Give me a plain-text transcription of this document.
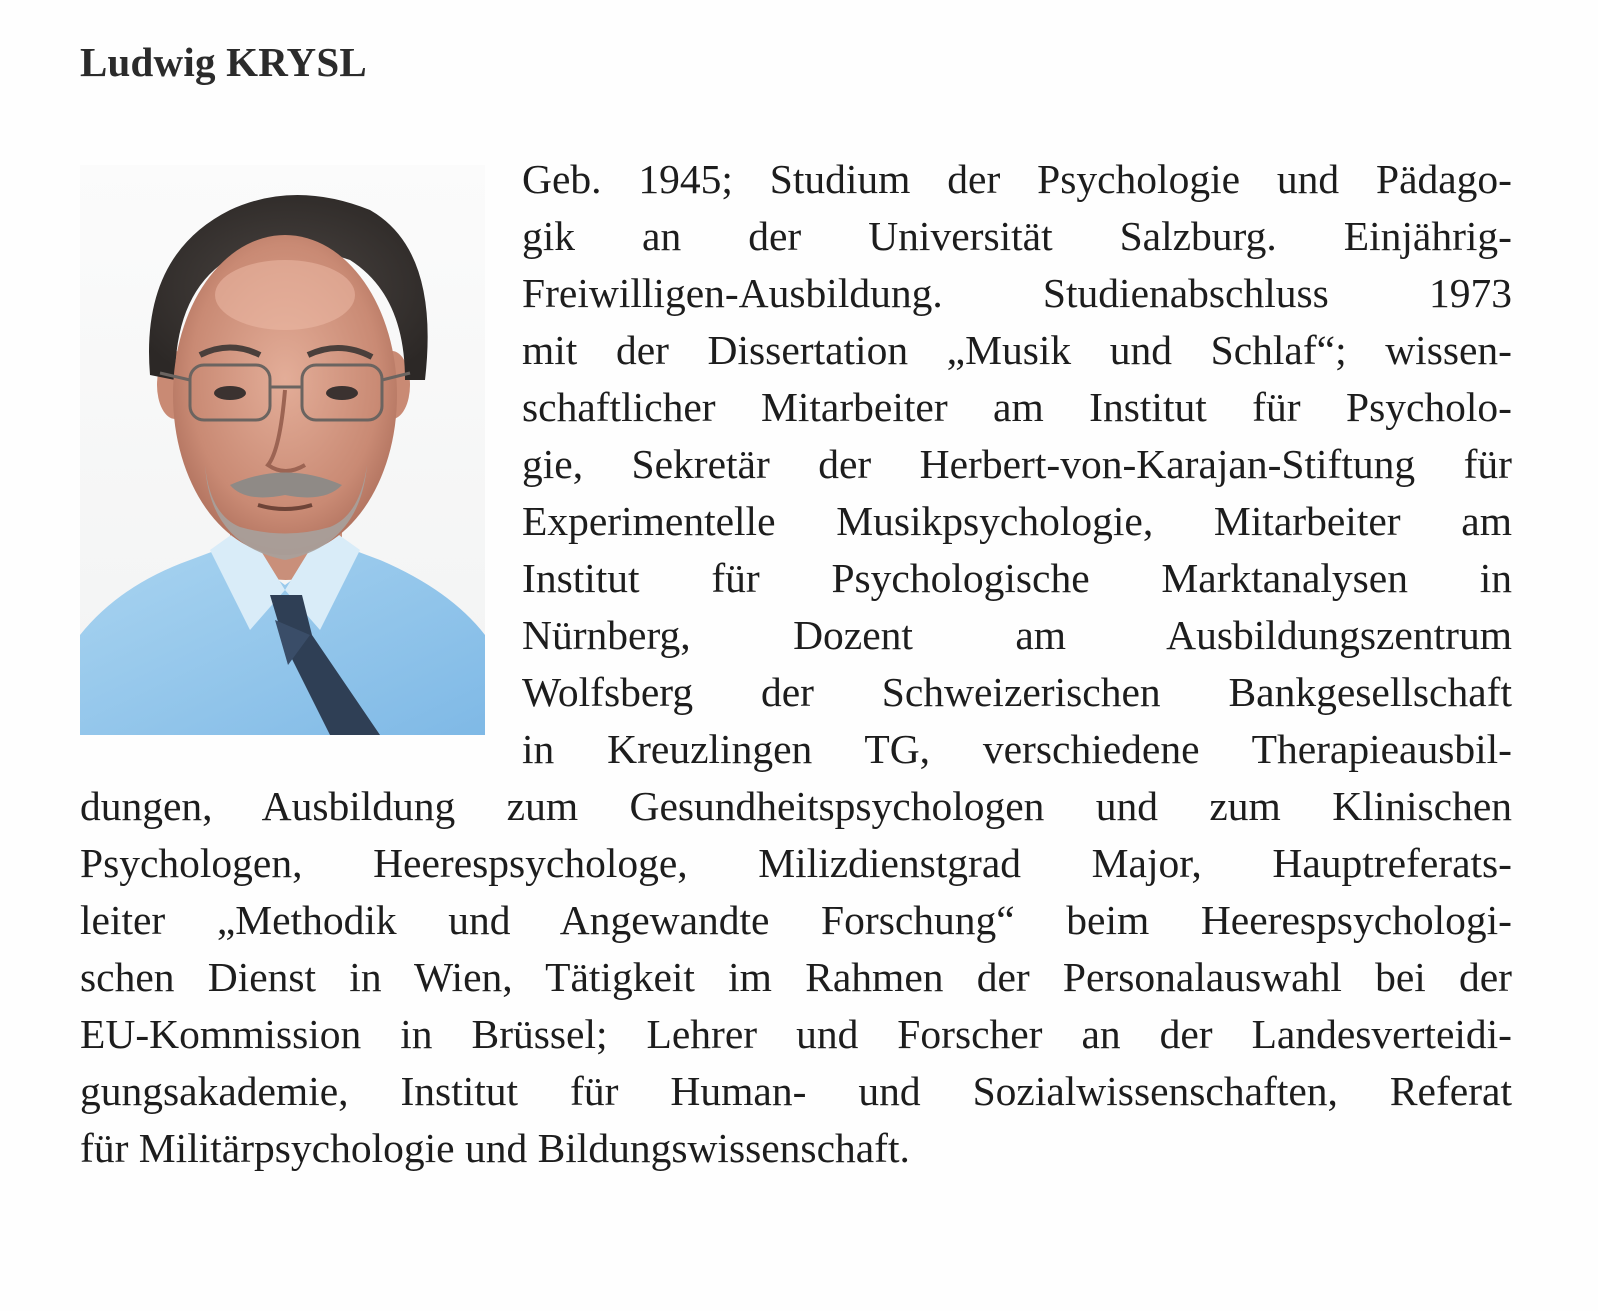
Ludwig KRYSL
Geb. 1945; Studium der Psychologie und Pädago-
gik an der Universität Salzburg. Einjährig-
Freiwilligen-Ausbildung. Studienabschluss 1973
mit der Dissertation „Musik und Schlaf“; wissen-
schaftlicher Mitarbeiter am Institut für Psycholo-
gie, Sekretär der Herbert-von-Karajan-Stiftung für
Experimentelle Musikpsychologie, Mitarbeiter am
Institut für Psychologische Marktanalysen in
Nürnberg, Dozent am Ausbildungszentrum
Wolfsberg der Schweizerischen Bankgesellschaft
in Kreuzlingen TG, verschiedene Therapieausbil-
dungen, Ausbildung zum Gesundheitspsychologen und zum Klinischen
Psychologen, Heerespsychologe, Milizdienstgrad Major, Hauptreferats-
leiter „Methodik und Angewandte Forschung“ beim Heerespsychologi-
schen Dienst in Wien, Tätigkeit im Rahmen der Personalauswahl bei der
EU-Kommission in Brüssel; Lehrer und Forscher an der Landesverteidi-
gungsakademie, Institut für Human- und Sozialwissenschaften, Referat
für Militärpsychologie und Bildungswissenschaft.
